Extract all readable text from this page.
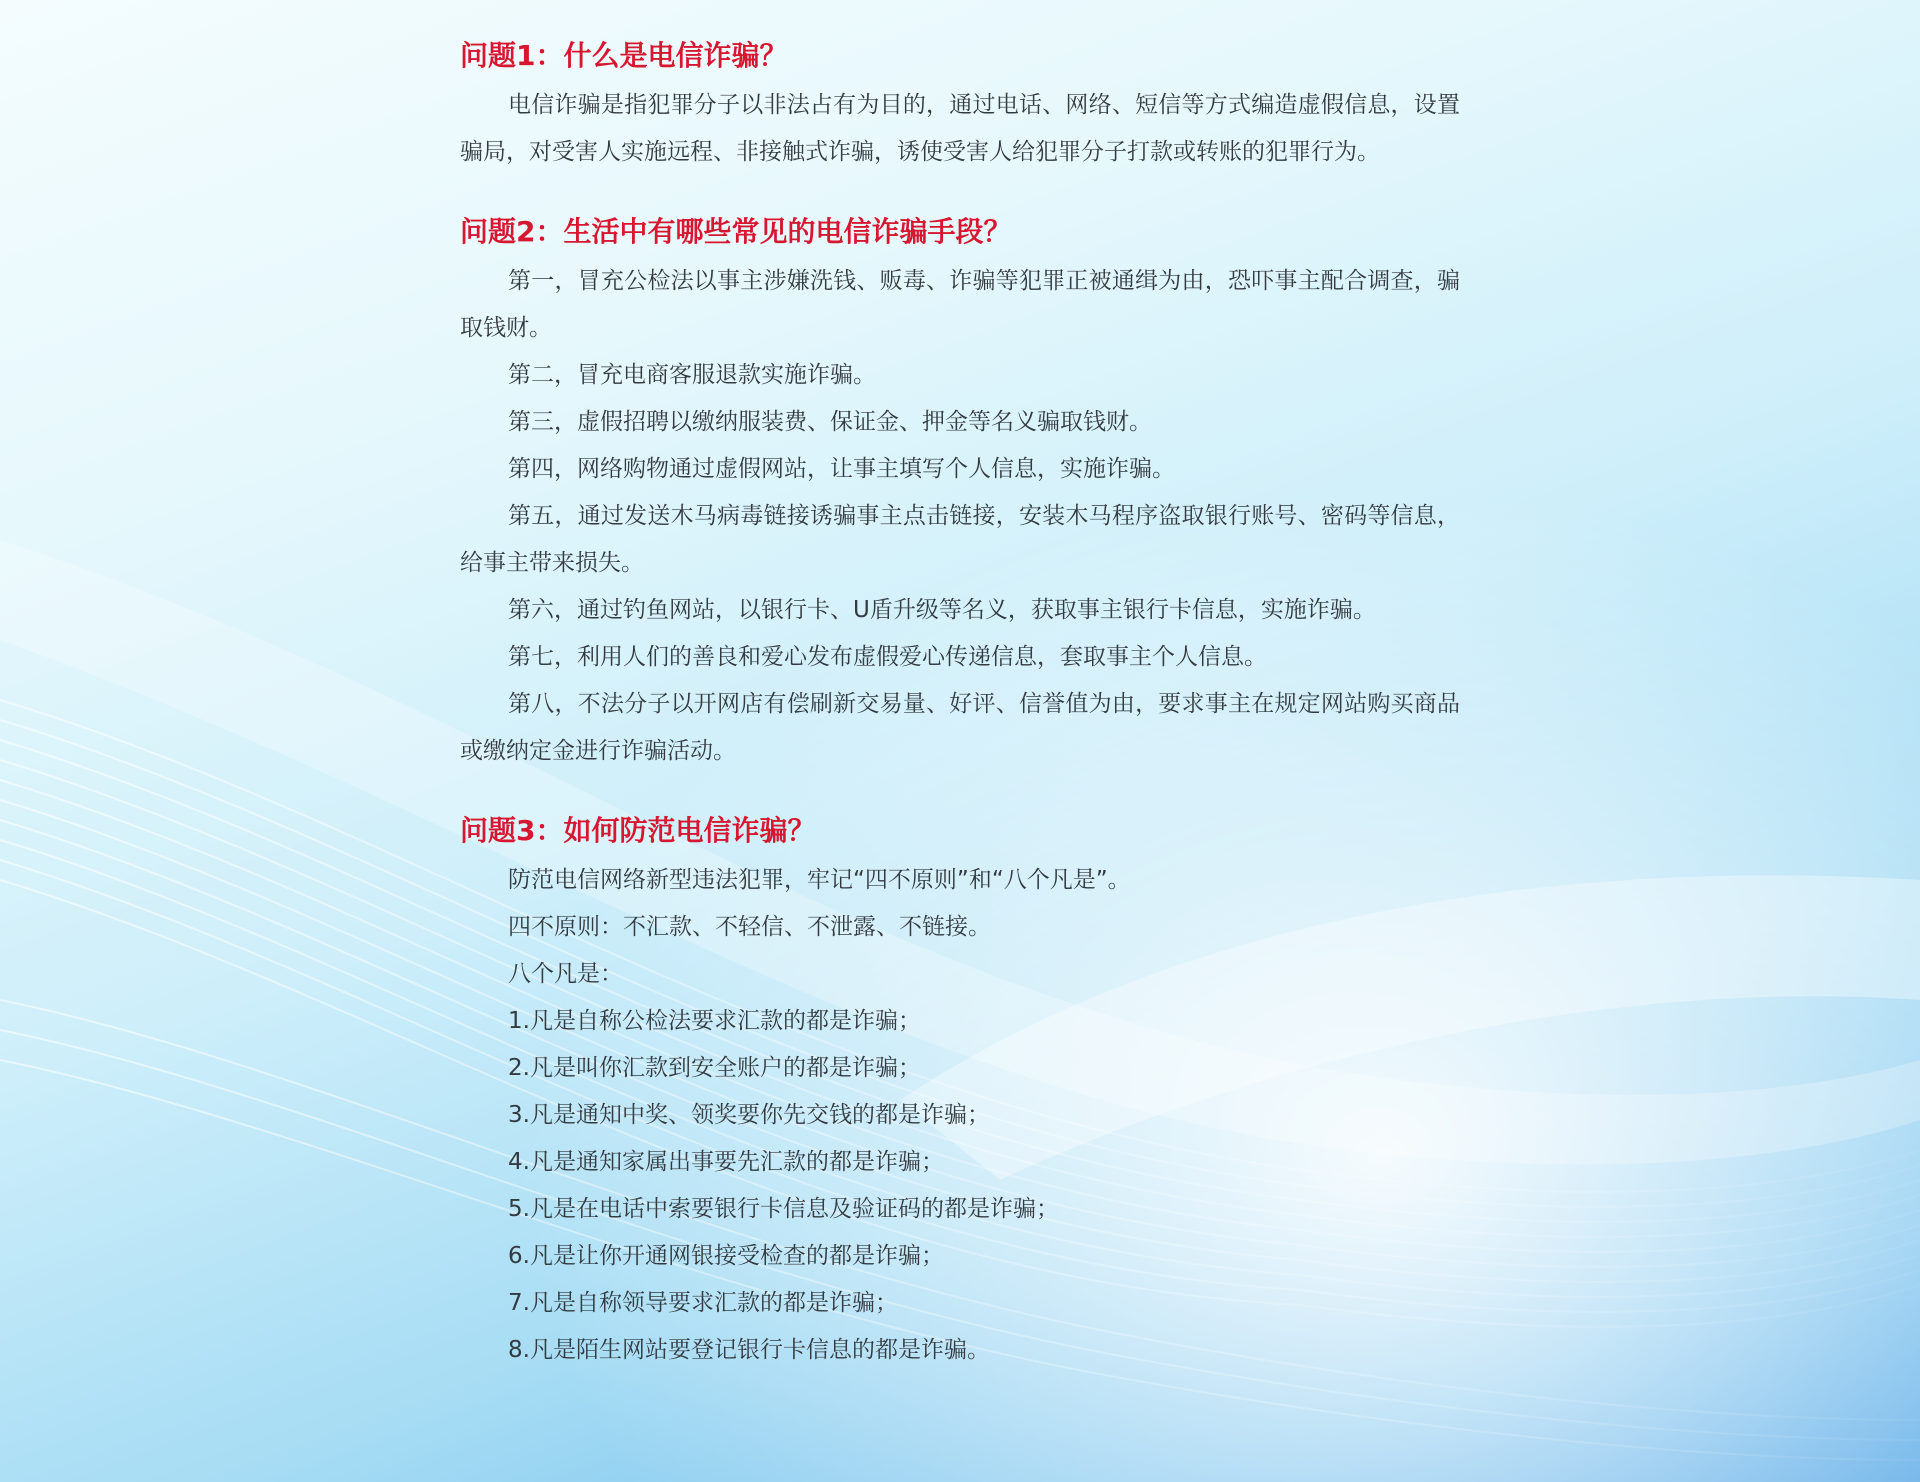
问题1：什么是电信诈骗？

电信诈骗是指犯罪分子以非法占有为目的，通过电话、网络、短信等方式编造虚假信息，设置骗局，对受害人实施远程、非接触式诈骗，诱使受害人给犯罪分子打款或转账的犯罪行为。

问题2：生活中有哪些常见的电信诈骗手段？

第一，冒充公检法以事主涉嫌洗钱、贩毒、诈骗等犯罪正被通缉为由，恐吓事主配合调查，骗取钱财。

第二，冒充电商客服退款实施诈骗。

第三，虚假招聘以缴纳服装费、保证金、押金等名义骗取钱财。

第四，网络购物通过虚假网站，让事主填写个人信息，实施诈骗。

第五，通过发送木马病毒链接诱骗事主点击链接，安装木马程序盗取银行账号、密码等信息，给事主带来损失。

第六，通过钓鱼网站，以银行卡、U盾升级等名义，获取事主银行卡信息，实施诈骗。

第七，利用人们的善良和爱心发布虚假爱心传递信息，套取事主个人信息。

第八，不法分子以开网店有偿刷新交易量、好评、信誉值为由，要求事主在规定网站购买商品或缴纳定金进行诈骗活动。

问题3：如何防范电信诈骗？

防范电信网络新型违法犯罪，牢记“四不原则”和“八个凡是”。

四不原则：不汇款、不轻信、不泄露、不链接。

八个凡是：

1.凡是自称公检法要求汇款的都是诈骗；

2.凡是叫你汇款到安全账户的都是诈骗；

3.凡是通知中奖、领奖要你先交钱的都是诈骗；

4.凡是通知家属出事要先汇款的都是诈骗；

5.凡是在电话中索要银行卡信息及验证码的都是诈骗；

6.凡是让你开通网银接受检查的都是诈骗；

7.凡是自称领导要求汇款的都是诈骗；

8.凡是陌生网站要登记银行卡信息的都是诈骗。
